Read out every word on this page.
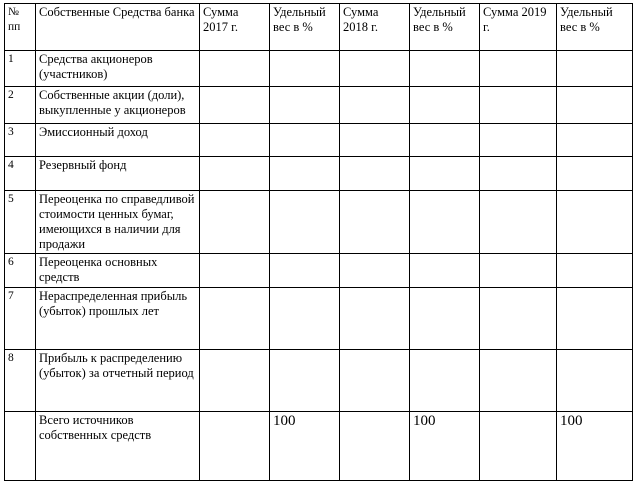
№ пп	Собственные Средства банка	Сумма 2017 г.	Удельный вес в %	Сумма 2018 г.	Удельный вес в %	Сумма 2019 г.	Удельный вес в %
1	Средства акционеров (участников)						
2	Собственные акции (доли), выкупленные у акционеров						
3	Эмиссионный доход						
4	Резервный фонд						
5	Переоценка по справедливой стоимости ценных бумаг, имеющихся в наличии для продажи						
6	Переоценка основных средств						
7	Нераспределенная прибыль (убыток) прошлых лет						
8	Прибыль к распределению (убыток) за отчетный период						
	Всего источников собственных средств		100		100		100
